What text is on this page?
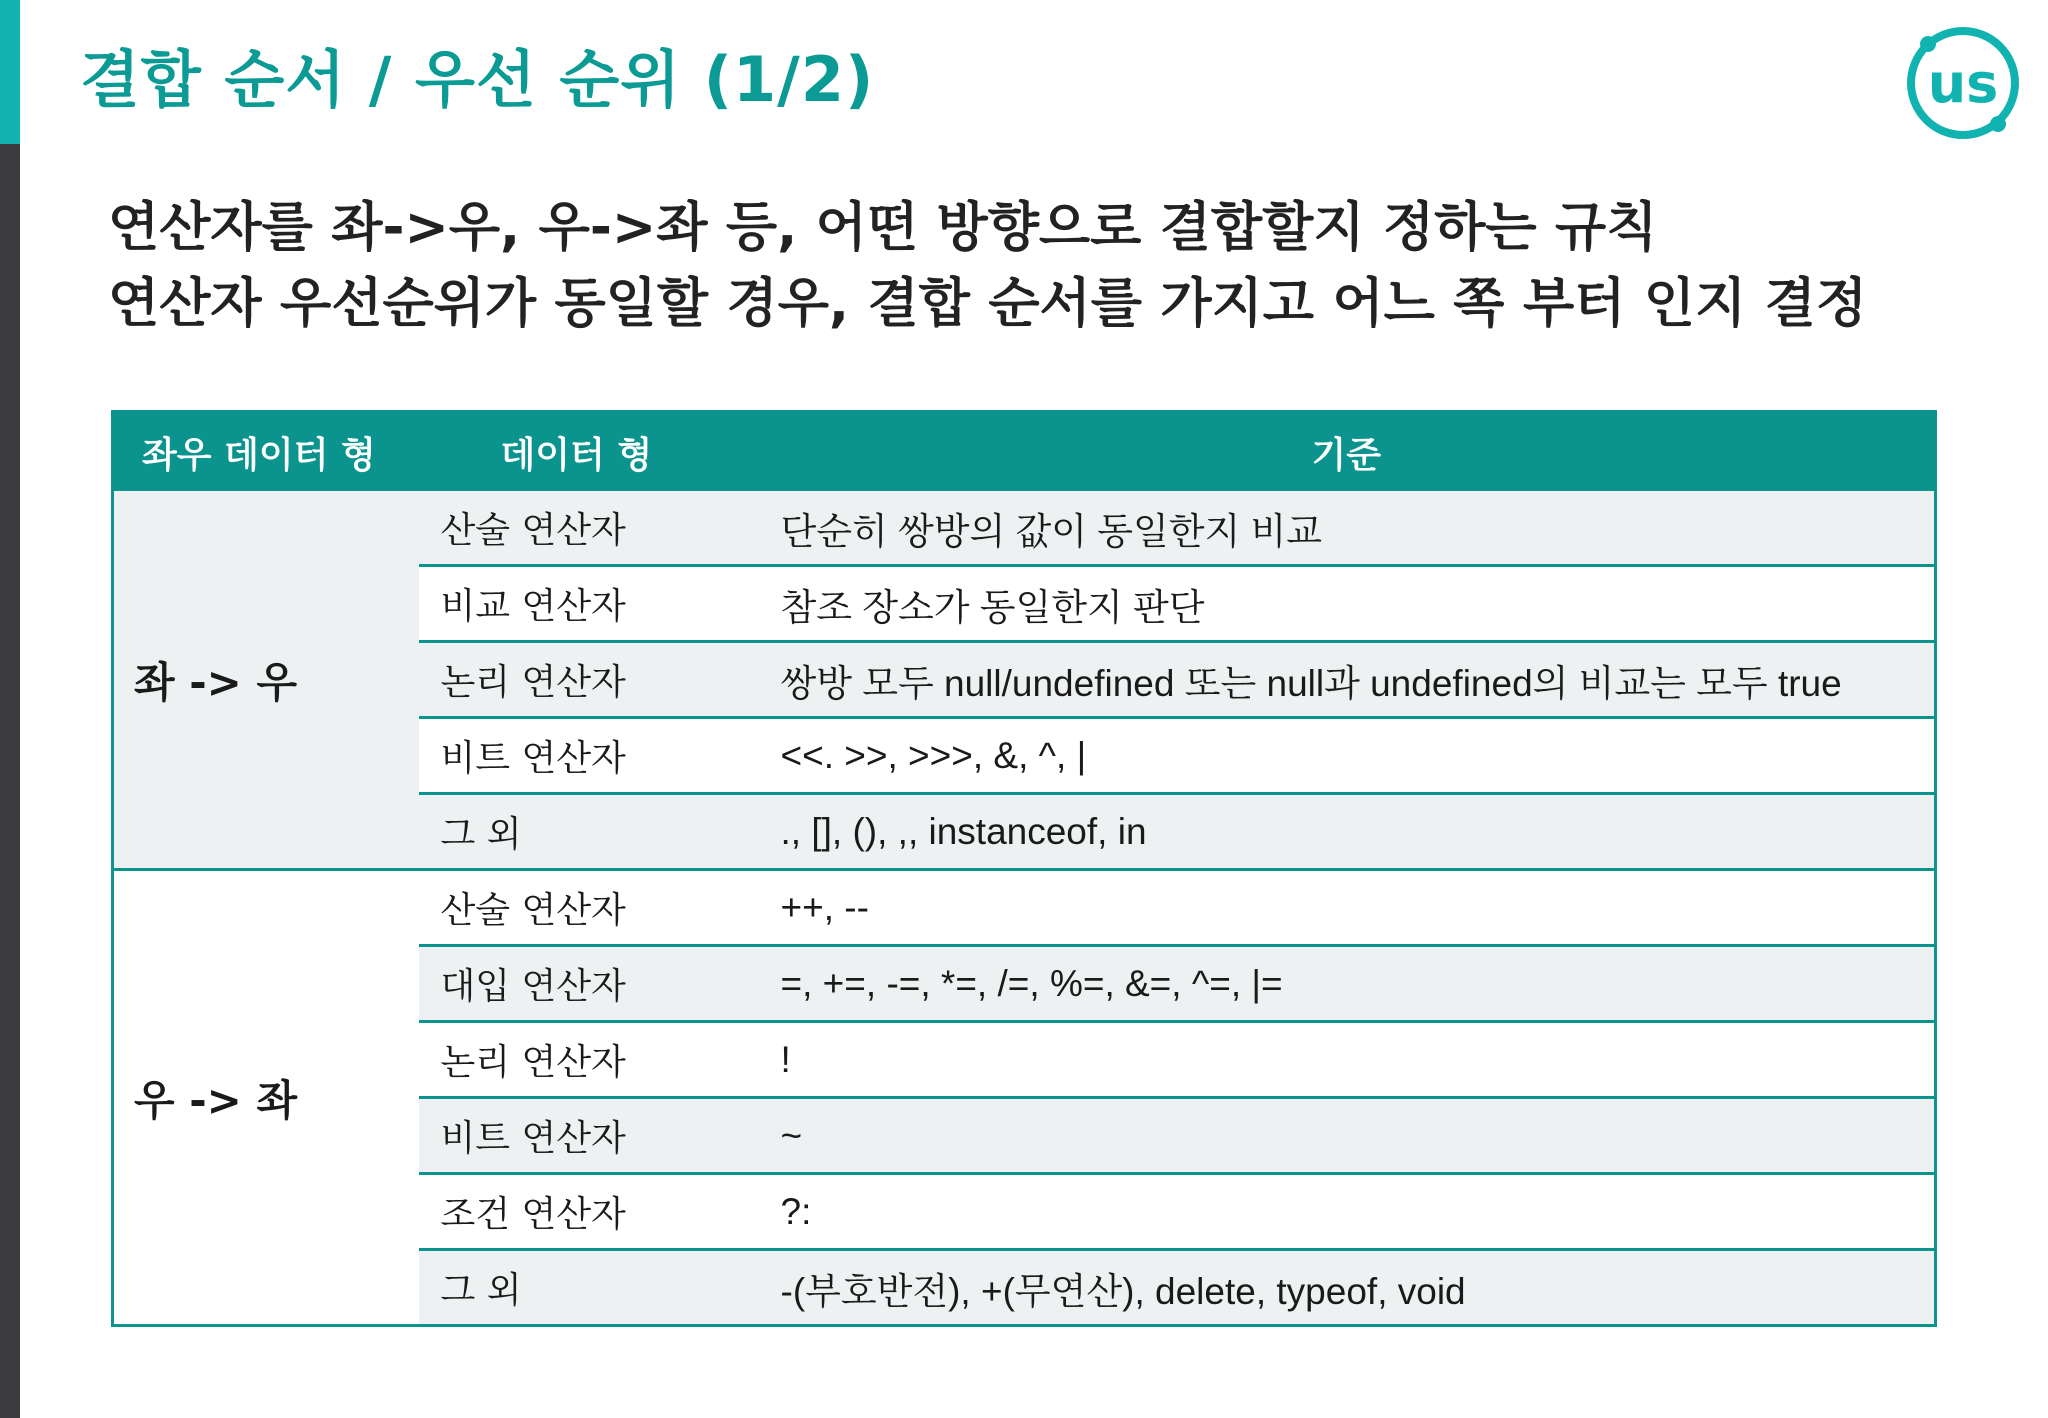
결합 순서 / 우선 순위 (1/2)	us
연산자를 좌->우, 우->좌 등, 어떤 방향으로 결합할지 정하는 규칙
연산자 우선순위가 동일할 경우, 결합 순서를 가지고 어느 쪽 부터 인지 결정
좌우 데이터 형	데이터 형	기준
좌 -> 우	산술 연산자	단순히 쌍방의 값이 동일한지 비교
	비교 연산자	참조 장소가 동일한지 판단
	논리 연산자	쌍방 모두 null/undefined 또는 null과 undefined의 비교는 모두 true
	비트 연산자	<<. >>, >>>, &, ^, |
	그 외	., [], (), ,, instanceof, in
우 -> 좌	산술 연산자	++, --
	대입 연산자	=, +=, -=, *=, /=, %=, &=, ^=, |=
	논리 연산자	!
	비트 연산자	~
	조건 연산자	?:
	그 외	-(부호반전), +(무연산), delete, typeof, void
